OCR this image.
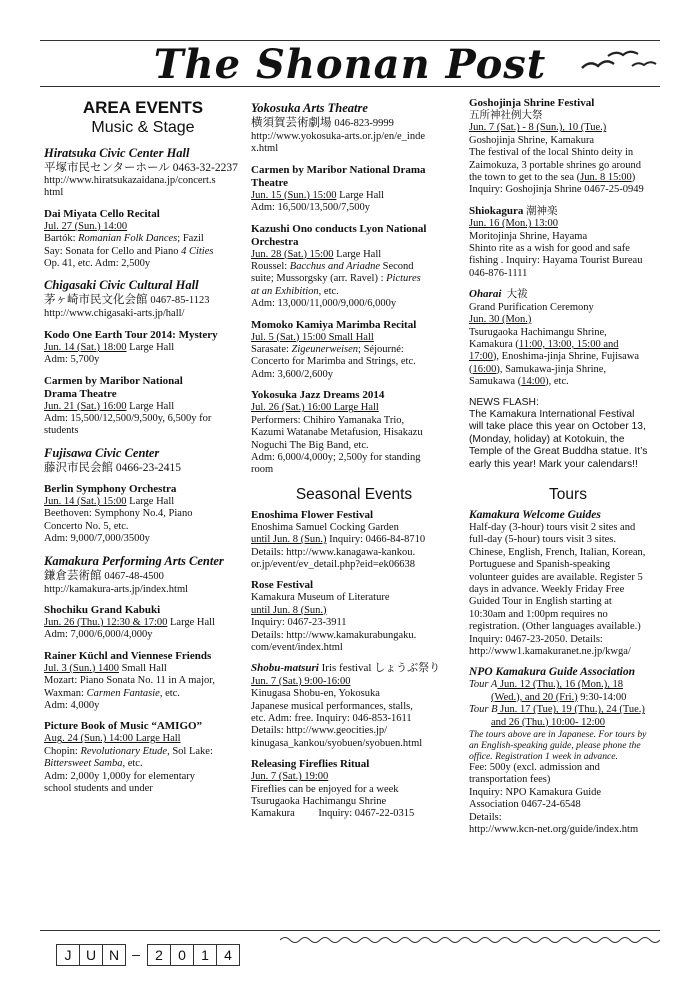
The Shonan Post
AREA EVENTS
Music & Stage
Hiratsuka Civic Center Hall
平塚市民センターホール 0463-32-2237
http://www.hiratsukazaidana.jp/concert.s
html
Dai Miyata Cello Recital
Jul. 27 (Sun.) 14:00
Bartók: Romanian Folk Dances; Fazil
Say: Sonata for Cello and Piano 4 Cities
Op. 41, etc. Adm: 2,500y
Chigasaki Civic Cultural Hall
茅ヶ崎市民文化会館 0467-85-1123
http://www.chigasaki-arts.jp/hall/
Kodo One Earth Tour 2014: Mystery
Jun. 14 (Sat.) 18:00 Large Hall
Adm: 5,700y
Carmen by Maribor National
Drama Theatre
Jun. 21 (Sat.) 16:00 Large Hall
Adm: 15,500/12,500/9,500y, 6,500y for
students
Fujisawa Civic Center
藤沢市民会館 0466-23-2415
Berlin Symphony Orchestra
Jun. 14 (Sat.) 15:00 Large Hall
Beethoven: Symphony No.4, Piano
Concerto No. 5, etc.
Adm: 9,000/7,000/3500y
Kamakura Performing Arts Center
鎌倉芸術館 0467-48-4500
http://kamakura-arts.jp/index.html
Shochiku Grand Kabuki
Jun. 26 (Thu.) 12:30 & 17:00 Large Hall
Adm: 7,000/6,000/4,000y
Rainer Küchl and Viennese Friends
Jul. 3 (Sun.) 1400 Small Hall
Mozart: Piano Sonata No. 11 in A major,
Waxman: Carmen Fantasie, etc.
Adm: 4,000y
Picture Book of Music “AMIGO”
Aug. 24 (Sun.) 14:00 Large Hall
Chopin: Revolutionary Etude, Sol Lake:
Bittersweet Samba, etc.
Adm: 2,000y 1,000y for elementary
school students and under
Yokosuka Arts Theatre
横須賀芸術劇場 046-823-9999
http://www.yokosuka-arts.or.jp/en/e_inde
x.html
Carmen by Maribor National Drama
Theatre
Jun. 15 (Sun.) 15:00 Large Hall
Adm: 16,500/13,500/7,500y
Kazushi Ono conducts Lyon National
Orchestra
Jun. 28 (Sat.) 15:00 Large Hall
Roussel: Bacchus and Ariadne Second
suite; Mussorgsky (arr. Ravel) : Pictures
at an Exhibition, etc.
Adm: 13,000/11,000/9,000/6,000y
Momoko Kamiya Marimba Recital
Jul. 5 (Sat.) 15:00 Small Hall
Sarasate: Zigeunerweisen; Séjourné:
Concerto for Marimba and Strings, etc.
Adm: 3,600/2,600y
Yokosuka Jazz Dreams 2014
Jul. 26 (Sat.) 16:00 Large Hall
Performers: Chihiro Yamanaka Trio,
Kazumi Watanabe Metafusion, Hisakazu
Noguchi The Big Band, etc.
Adm: 6,000/4,000y; 2,500y for standing
room
Seasonal Events
Enoshima Flower Festival
Enoshima Samuel Cocking Garden
until Jun. 8 (Sun.) Inquiry: 0466-84-8710
Details: http://www.kanagawa-kankou.
or.jp/event/ev_detail.php?eid=ek06638
Rose Festival
Kamakura Museum of Literature
until Jun. 8 (Sun.)
Inquiry: 0467-23-3911
Details: http://www.kamakurabungaku.
com/event/index.html
Shobu-matsuri Iris festival しょうぶ祭り
Jun. 7 (Sat.) 9:00-16:00
Kinugasa Shobu-en, Yokosuka
Japanese musical performances, stalls,
etc. Adm: free. Inquiry: 046-853-1611
Details: http://www.geocities.jp/
kinugasa_kankou/syobuen/syobuen.html
Releasing Fireflies Ritual
Jun. 7 (Sat.) 19:00
Fireflies can be enjoyed for a week
Tsurugaoka Hachimangu Shrine
Kamakura         Inquiry: 0467-22-0315
Goshojinja Shrine Festival
五所神社例大祭
Jun. 7 (Sat.) - 8 (Sun.), 10 (Tue.)
Goshojinja Shrine, Kamakura
The festival of the local Shinto deity in
Zaimokuza, 3 portable shrines go around
the town to get to the sea (Jun. 8 15:00)
Inquiry: Goshojinja Shrine 0467-25-0949
Shiokagura 潮神楽
Jun. 16 (Mon.) 13:00
Moritojinja Shrine, Hayama
Shinto rite as a wish for good and safe
fishing . Inquiry: Hayama Tourist Bureau
046-876-1111
Oharai  大祓
Grand Purification Ceremony
Jun. 30 (Mon.)
Tsurugaoka Hachimangu Shrine,
Kamakura (11:00, 13:00, 15:00 and
17:00), Enoshima-jinja Shrine, Fujisawa
(16:00), Samukawa-jinja Shrine,
Samukawa (14:00), etc.
NEWS FLASH:
The Kamakura International Festival
will take place this year on October 13,
(Monday, holiday) at Kotokuin, the
Temple of the Great Buddha statue. It’s
early this year! Mark your calendars!!
Tours
Kamakura Welcome Guides
Half-day (3-hour) tours visit 2 sites and
full-day (5-hour) tours visit 3 sites.
Chinese, English, French, Italian, Korean,
Portuguese and Spanish-speaking
volunteer guides are available. Register 5
days in advance. Weekly Friday Free
Guided Tour in English starting at
10:30am and 1:00pm requires no
registration. (Other languages available.)
Inquiry: 0467-23-2050. Details:
http://www1.kamakuranet.ne.jp/kwga/
NPO Kamakura Guide Association
Tour A Jun. 12 (Thu.), 16 (Mon.), 18
(Wed.), and 20 (Fri.) 9:30-14:00
Tour B Jun. 17 (Tue), 19 (Thu.), 24 (Tue.)
and 26 (Thu.) 10:00- 12:00
The tours above are in Japanese. For tours by
an English-speaking guide, please phone the
office. Registration 1 week in advance.
Fee: 500y (excl. admission and
transportation fees)
Inquiry: NPO Kamakura Guide
Association 0467-24-6548
Details:
http://www.kcn-net.org/guide/index.htm
J	U N –	2	0	1	4
